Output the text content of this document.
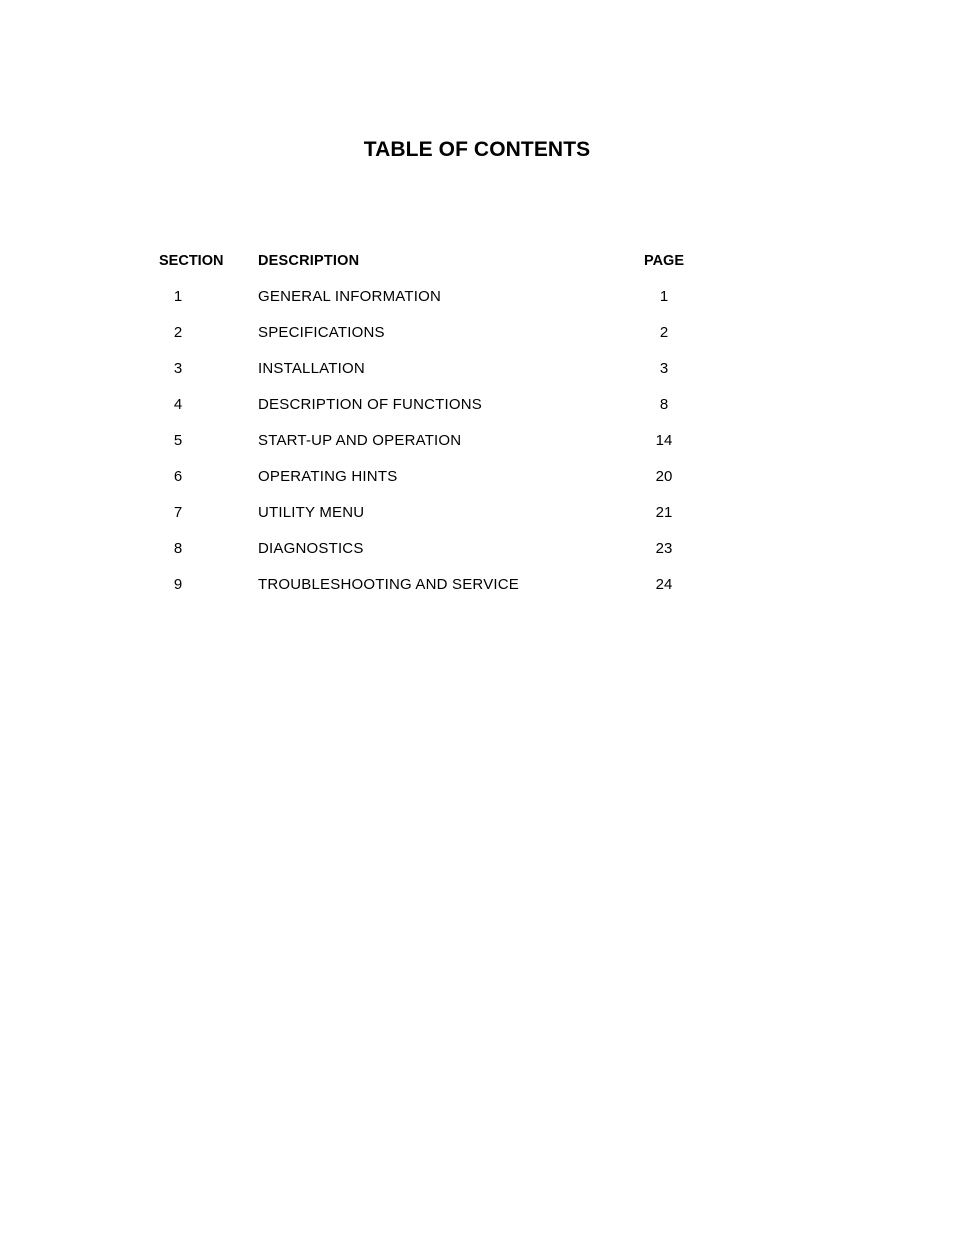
TABLE OF CONTENTS
SECTION	DESCRIPTION	PAGE
1	GENERAL INFORMATION	1
2	SPECIFICATIONS	2
3	INSTALLATION	3
4	DESCRIPTION OF FUNCTIONS	8
5	START-UP AND OPERATION	14
6	OPERATING HINTS	20
7	UTILITY MENU	21
8	DIAGNOSTICS	23
9	TROUBLESHOOTING AND SERVICE	24
